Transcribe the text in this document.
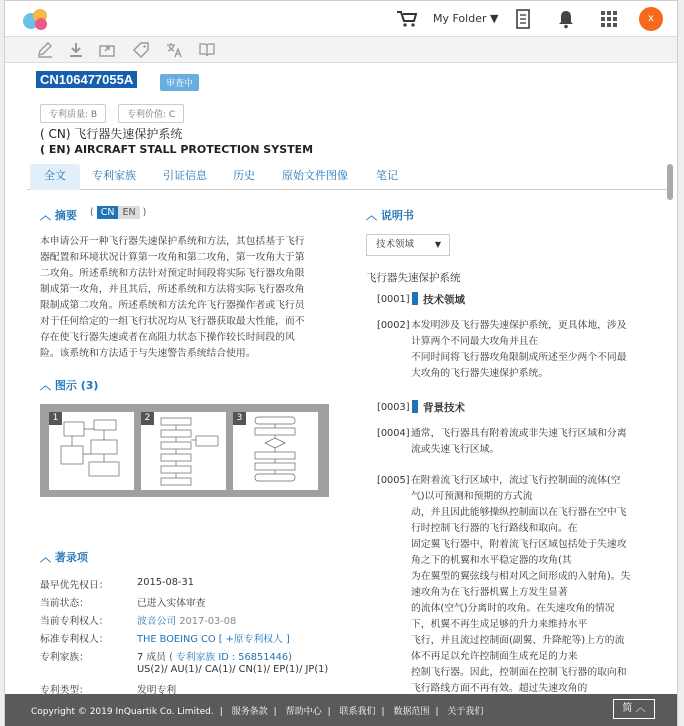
My Folder ▼	x
CN106477055A	审查中
专利质量: B	专利价值: C
( CN) 飞行器失速保护系统
( EN) AIRCRAFT STALL PROTECTION SYSTEM
全文	专利家族	引证信息	历史	原始文件图像	笔记
︿ 摘要 ( CN EN )
本申请公开一种飞行器失速保护系统和方法，其包括基于飞行
器配置和环境状况计算第一攻角和第二攻角，第一攻角大于第
二攻角。所述系统和方法针对预定时间段将实际飞行器攻角限
制成第一攻角，并且其后，所述系统和方法将实际飞行器攻角
限制成第二攻角。所述系统和方法允许飞行器操作者或飞行员
对于任何给定的一组飞行状况均从飞行器获取最大性能，而不
存在使飞行器失速或者在高阻力状态下操作较长时间段的风
险。该系统和方法适于与失速警告系统结合使用。
︿ 图示 (3)
1	2	3
︿ 著录项
最早优先权日：	2015-08-31
当前状态：	已进入实体审查
当前专利权人：	波音公司 2017-03-08
标准专利权人：	THE BOEING CO [ +原专利权人 ]
专利家族：	7 成员 ( 专利家族 ID : 56851446)
US(2)/ AU(1)/ CA(1)/ CN(1)/ EP(1)/ JP(1)
专利类型：	发明专利
︿ 说明书
技术领域	▼
飞行器失速保护系统
[0001]	技术领域
[0002] 本发明涉及飞行器失速保护系统，更具体地，涉及
计算两个不同最大攻角并且在
不同时间将飞行器攻角限制成所述至少两个不同最
大攻角的飞行器失速保护系统。
[0003]	背景技术
[0004] 通常，飞行器具有附着流或非失速飞行区域和分离
流或失速飞行区域。
[0005] 在附着流飞行区域中，流过飞行控制面的流体(空
气)以可预测和预期的方式流
动，并且因此能够操纵控制面以在飞行器在空中飞
行时控制飞行器的飞行路线和取向。在
固定翼飞行器中，附着流飞行区域包括处于失速攻
角之下的机翼和水平稳定器的攻角(其
为在翼型的翼弦线与相对风之间形成的入射角)。失
速攻角为在飞行器机翼上方发生显著
的流体(空气)分离时的攻角。在失速攻角的情况
下，机翼不再生成足够的升力来维持水平
飞行，并且流过控制面(副翼、升降舵等)上方的流
体不再足以允许控制面生成充足的力来
控制飞行器。因此，控制面在控制飞行器的取向和
飞行路线方面不再有效。超过失速攻角的
Copyright © 2019 InQuartik Co. Limited. | 服务条款 | 帮助中心 | 联系我们 | 数据范围 | 关于我们	简 ︿
